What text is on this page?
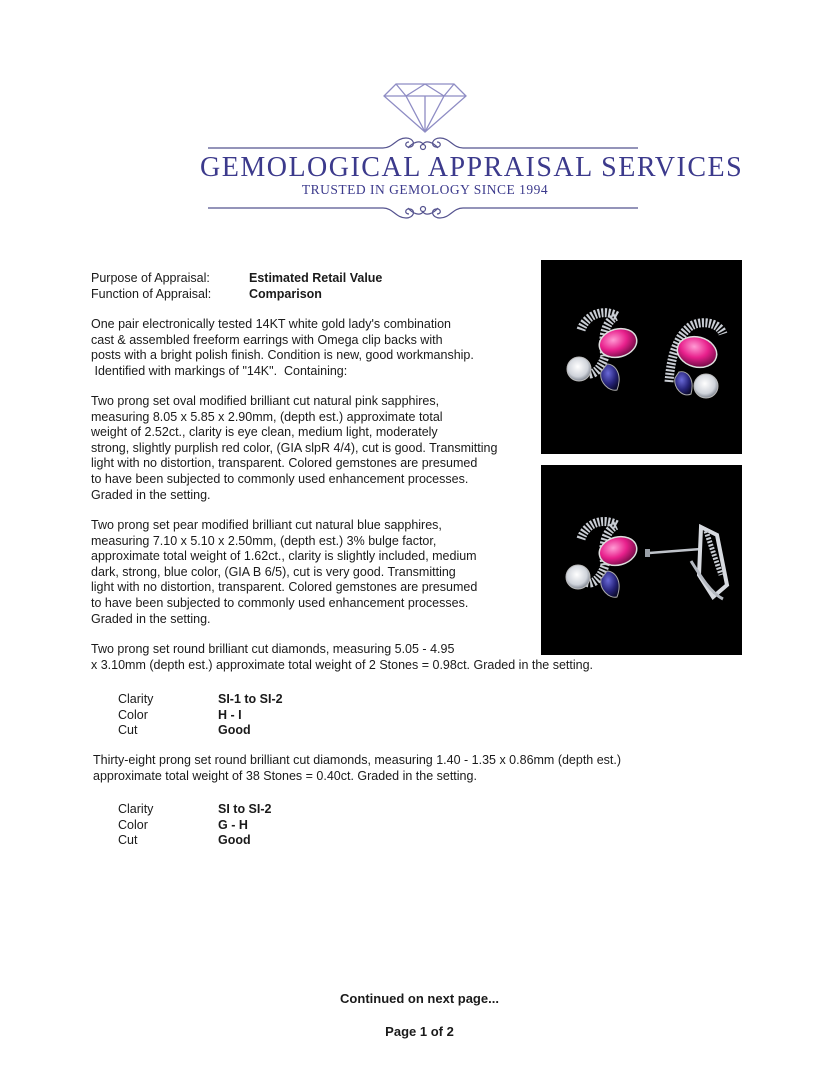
GEMOLOGICAL APPRAISAL SERVICES
TRUSTED IN GEMOLOGY SINCE 1994
Purpose of Appraisal:	Estimated Retail Value
Function of Appraisal:	Comparison
One pair electronically tested 14KT white gold lady's combination
cast & assembled freeform earrings with Omega clip backs with
posts with a bright polish finish. Condition is new, good workmanship.
Identified with markings of "14K".  Containing:
Two prong set oval modified brilliant cut natural pink sapphires,
measuring 8.05 x 5.85 x 2.90mm, (depth est.) approximate total
weight of 2.52ct., clarity is eye clean, medium light, moderately
strong, slightly purplish red color, (GIA slpR 4/4), cut is good. Transmitting
light with no distortion, transparent. Colored gemstones are presumed
to have been subjected to commonly used enhancement processes.
Graded in the setting.
Two prong set pear modified brilliant cut natural blue sapphires,
measuring 7.10 x 5.10 x 2.50mm, (depth est.) 3% bulge factor,
approximate total weight of 1.62ct., clarity is slightly included, medium
dark, strong, blue color, (GIA B 6/5), cut is very good. Transmitting
light with no distortion, transparent. Colored gemstones are presumed
to have been subjected to commonly used enhancement processes.
Graded in the setting.
Two prong set round brilliant cut diamonds, measuring 5.05 - 4.95
x 3.10mm (depth est.) approximate total weight of 2 Stones = 0.98ct. Graded in the setting.
Clarity	SI-1 to SI-2
Color	H - I
Cut	Good
Thirty-eight prong set round brilliant cut diamonds, measuring 1.40 - 1.35 x 0.86mm (depth est.)
approximate total weight of 38 Stones = 0.40ct. Graded in the setting.
Clarity	SI to SI-2
Color	G - H
Cut	Good
Continued on next page...
Page 1 of 2
